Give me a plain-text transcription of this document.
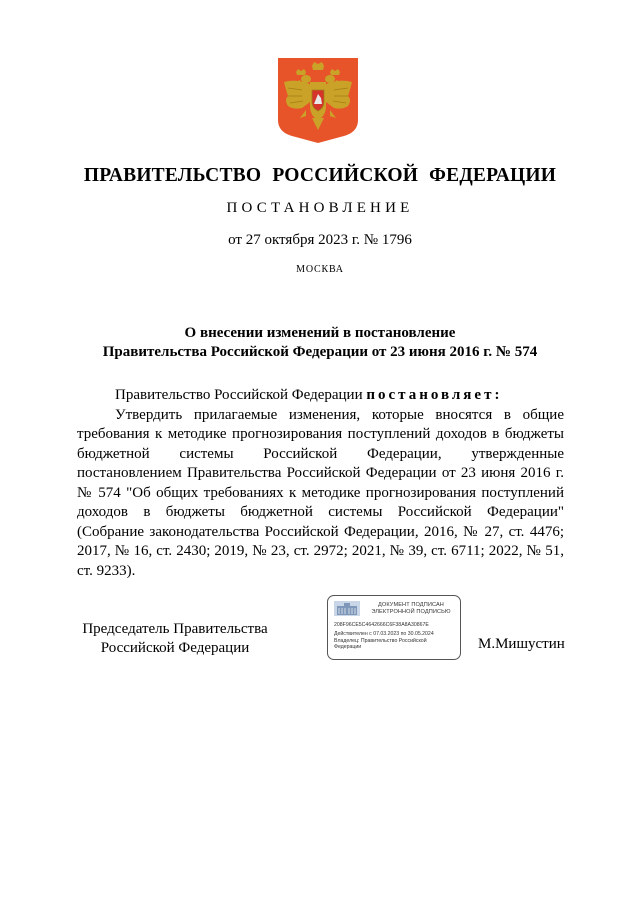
ПРАВИТЕЛЬСТВО РОССИЙСКОЙ ФЕДЕРАЦИИ
ПОСТАНОВЛЕНИЕ
от 27 октября 2023 г. № 1796
МОСКВА
О внесении изменений в постановление
Правительства Российской Федерации от 23 июня 2016 г. № 574

Правительство Российской Федерации постановляет:

Утвердить прилагаемые изменения, которые вносятся в общие требования к методике прогнозирования поступлений доходов в бюджеты бюджетной системы Российской Федерации, утвержденные постановлением Правительства Российской Федерации от 23 июня 2016 г. № 574 "Об общих требованиях к методике прогнозирования поступлений доходов в бюджеты бюджетной системы Российской Федерации" (Собрание законодательства Российской Федерации, 2016, № 27, ст. 4476; 2017, № 16, ст. 2430; 2019, № 23, ст. 2972; 2021, № 39, ст. 6711; 2022, № 51, ст. 9233).

Председатель Правительства
Российской Федерации
ДОКУМЕНТ ПОДПИСАН
ЭЛЕКТРОННОЙ ПОДПИСЬЮ
208F96CE5C4642666C6F38A8A30867E
Действителен с 07.03.2023 по 30.05.2024
Владелец: Правительство Российской
Федерации	М.Мишустин
